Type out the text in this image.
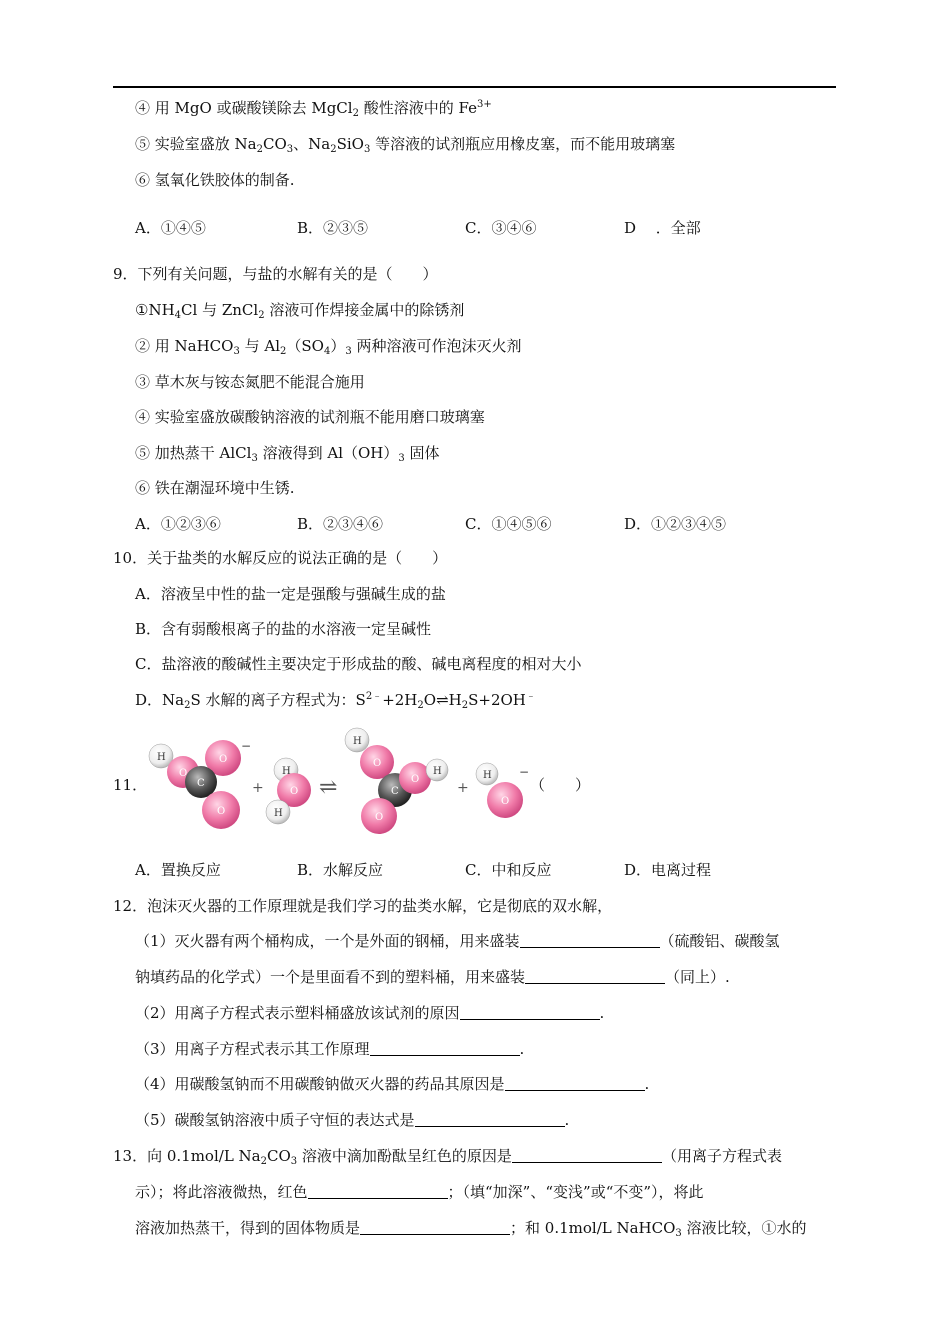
④ 用 MgO 或碳酸镁除去 MgCl$_2$ 酸性溶液中的 $Fe^{3+}$
⑤ 实验室盛放 $Na_2CO_3$、$Na_2SiO_3$ 等溶液的试剂瓶应用橡皮塞，而不能用玻璃塞
⑥ 氢氧化铁胶体的制备.
A．①④⑤	B．②③⑤	C．③④⑥	D　 ．全部
9．下列有关问题，与盐的水解有关的是（　　）
$①NH_4Cl$ 与 ZnCl$_2$ 溶液可作焊接金属中的除锈剂
② 用 NaHCO$_3$ 与 $Al_2(SO_4)_3$ 两种溶液可作泡沫灭火剂
③ 草木灰与铵态氮肥不能混合施用
④ 实验室盛放碳酸钠溶液的试剂瓶不能用磨口玻璃塞
⑤ 加热蒸干 AlCl$_3$ 溶液得到 $Al(OH)_3$ 固体
⑥ 铁在潮湿环境中生锈.
A．①②③⑥	B．②③④⑥	C．①④⑤⑥	D．①②③④⑤
10．关于盐类的水解反应的说法正确的是（　　）
A．溶液呈中性的盐一定是强酸与强碱生成的盐
B．含有弱酸根离子的盐的水溶液一定呈碱性
C．盐溶液的酸碱性主要决定于形成盐的酸、碱电离程度的相对大小
D．$Na_2S$ 水解的离子方程式为：$S^{2﹣}+2H_2O\rightleftharpoons H_2S+2OH^﹣$
11．
H
O
O
C
O
−
+
H
O
H
⇌
H
O
C
O
H
O
+
H
O
−
（　　）
A．置换反应	B．水解反应	C．中和反应	D．电离过程
12．泡沫灭火器的工作原理就是我们学习的盐类水解，它是彻底的双水解，
（1）灭火器有两个桶构成，一个是外面的钢桶，用来盛装	（硫酸铝、碳酸氢
钠填药品的化学式）一个是里面看不到的塑料桶，用来盛装	（同上）.
（2）用离子方程式表示塑料桶盛放该试剂的原因	.
（3）用离子方程式表示其工作原理	.
（4）用碳酸氢钠而不用碳酸钠做灭火器的药品其原因是	.
（5）碳酸氢钠溶液中质子守恒的表达式是	.
13．向 0.1mol/L $Na_2CO_3$ 溶液中滴加酚酞呈红色的原因是	（用离子方程式表
示）；将此溶液微热，红色	；（填“加深”、“变浅”或“不变”），将此
溶液加热蒸干，得到的固体物质是	；和 0.1mol/L NaHCO$_3$ 溶液比较，①水的
